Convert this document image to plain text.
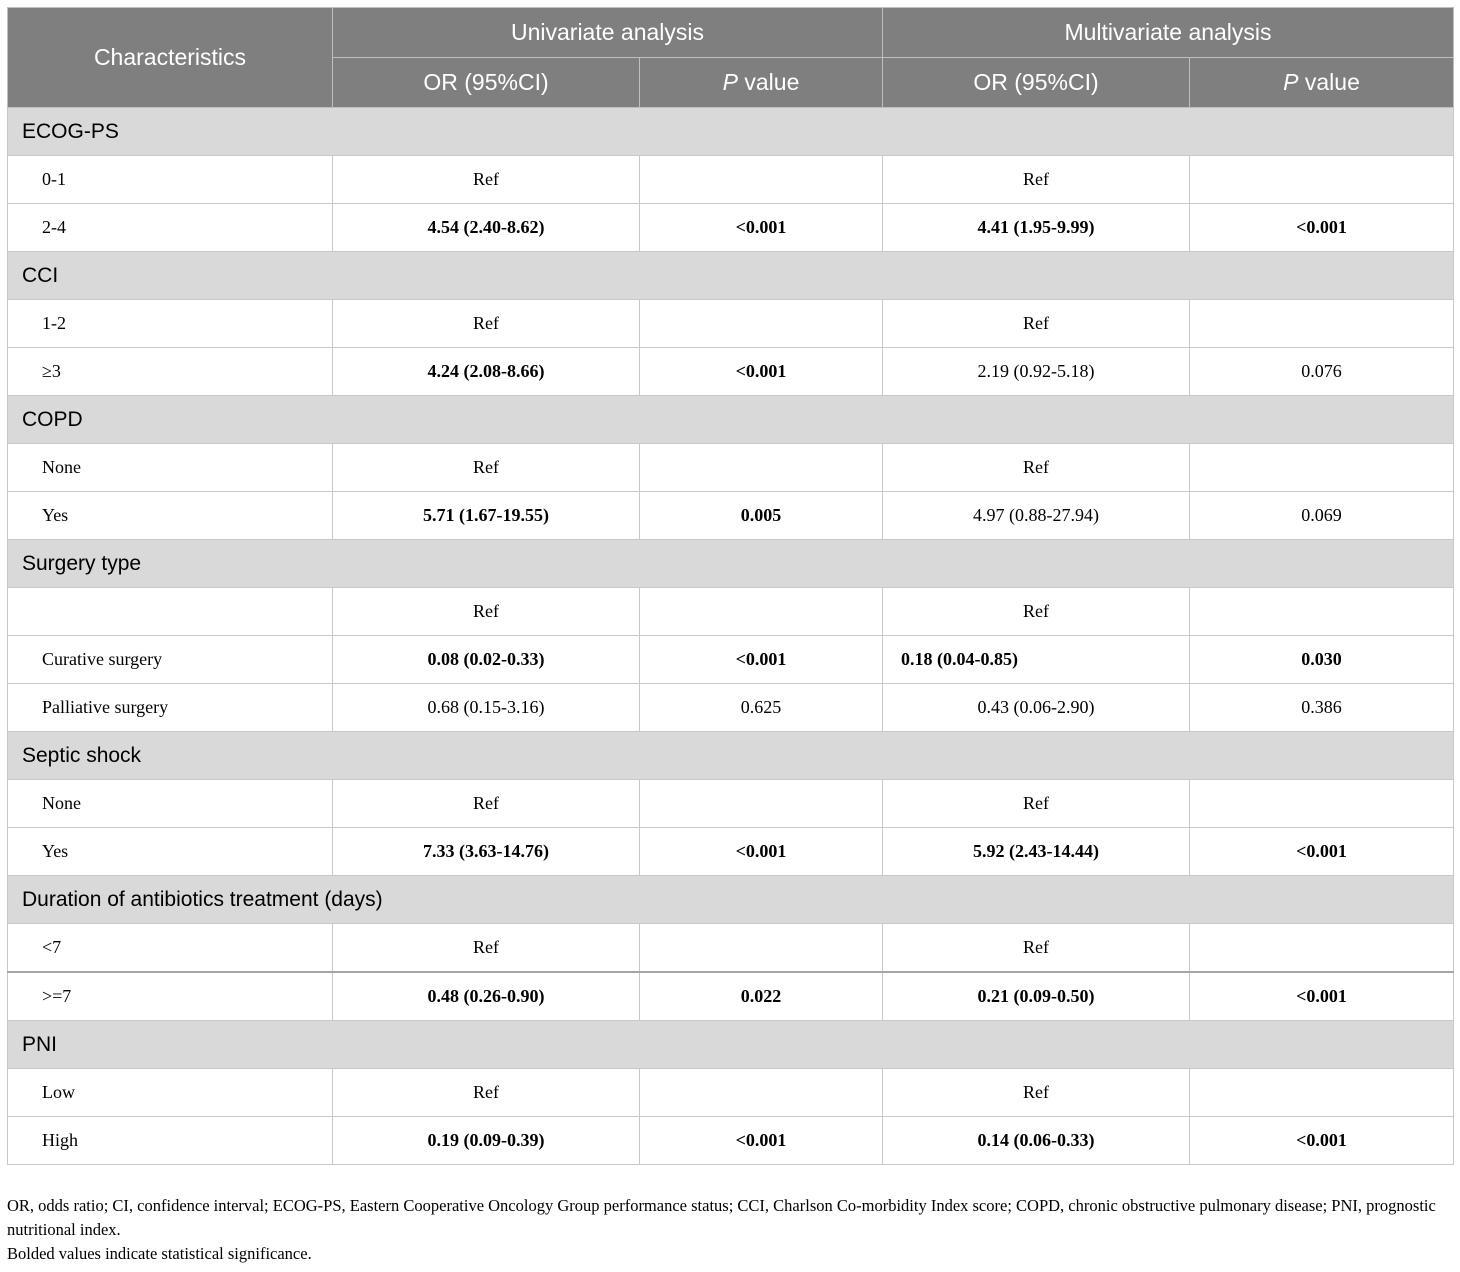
Characteristics	Univariate analysis		Multivariate analysis	
	OR (95%CI)	P value	OR (95%CI)	P value
ECOG-PS				
0-1	Ref		Ref	
2-4	4.54 (2.40-8.62)	<0.001	4.41 (1.95-9.99)	<0.001
CCI				
1-2	Ref		Ref	
≥3	4.24 (2.08-8.66)	<0.001	2.19 (0.92-5.18)	0.076
COPD				
None	Ref		Ref	
Yes	5.71 (1.67-19.55)	0.005	4.97 (0.88-27.94)	0.069
Surgery type				
	Ref		Ref	
Curative surgery	0.08 (0.02-0.33)	<0.001	0.18 (0.04-0.85)	0.030
Palliative surgery	0.68 (0.15-3.16)	0.625	0.43 (0.06-2.90)	0.386
Septic shock				
None	Ref		Ref	
Yes	7.33 (3.63-14.76)	<0.001	5.92 (2.43-14.44)	<0.001
Duration of antibiotics treatment (days)				
<7	Ref		Ref	
>=7	0.48 (0.26-0.90)	0.022	0.21 (0.09-0.50)	<0.001
PNI				
Low	Ref		Ref	
High	0.19 (0.09-0.39)	<0.001	0.14 (0.06-0.33)	<0.001

OR, odds ratio; CI, confidence interval; ECOG-PS, Eastern Cooperative Oncology Group performance status; CCI, Charlson Co-morbidity Index score; COPD, chronic obstructive pulmonary disease; PNI, prognostic nutritional index.

Bolded values indicate statistical significance.
